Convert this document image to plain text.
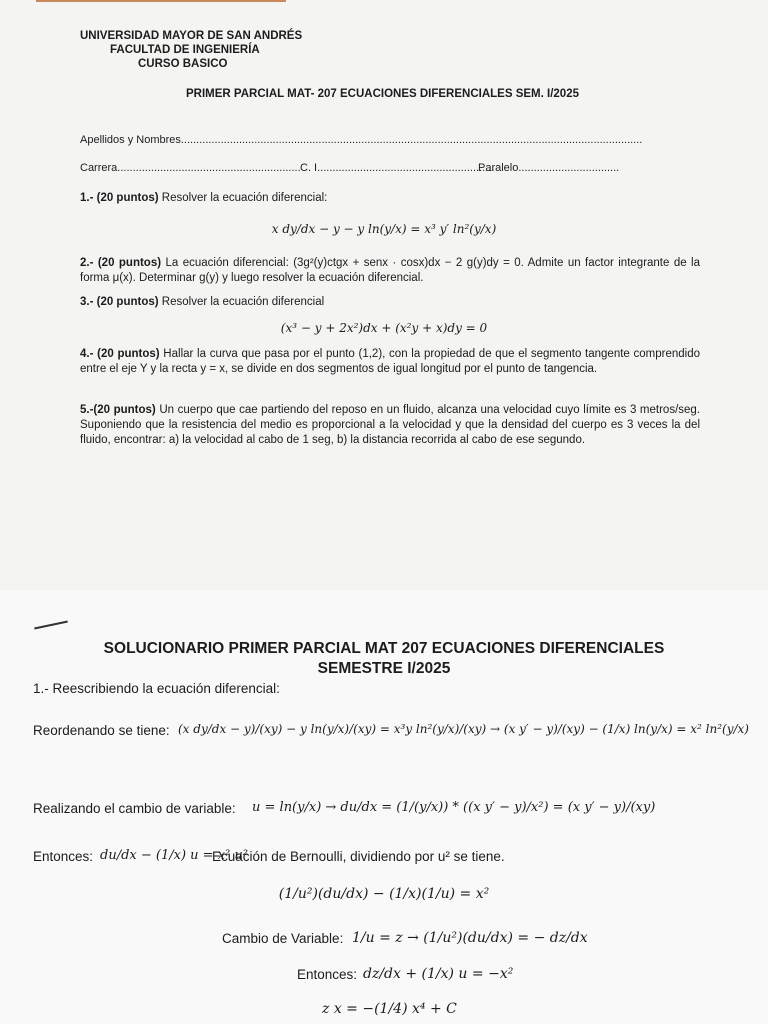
UNIVERSIDAD MAYOR DE SAN ANDRÉS
FACULTAD DE INGENIERÍA
CURSO BASICO
PRIMER PARCIAL MAT- 207 ECUACIONES DIFERENCIALES SEM. I/2025
Apellidos y Nombres.......................................................................................................................................................
Carrera............................................................ C. I..........................................................
Paralelo.................................
1.- (20 puntos) Resolver la ecuación diferencial:
x dy/dx − y − y ln(y/x) = x³ y′ ln²(y/x)
2.- (20 puntos) La ecuación diferencial: (3g²(y)ctgx + senx · cosx)dx − 2 g(y)dy = 0. Admite un factor integrante de la forma μ(x). Determinar g(y) y luego resolver la ecuación diferencial.
3.- (20 puntos) Resolver la ecuación diferencial
(x³ − y + 2x²)dx + (x²y + x)dy = 0
4.- (20 puntos) Hallar la curva que pasa por el punto (1,2), con la propiedad de que el segmento tangente comprendido entre el eje Y y la recta y = x, se divide en dos segmentos de igual longitud por el punto de tangencia.
5.-(20 puntos) Un cuerpo que cae partiendo del reposo en un fluido, alcanza una velocidad cuyo límite es 3 metros/seg. Suponiendo que la resistencia del medio es proporcional a la velocidad y que la densidad del cuerpo es 3 veces la del fluido, encontrar: a) la velocidad al cabo de 1 seg, b) la distancia recorrida al cabo de ese segundo.
SOLUCIONARIO PRIMER PARCIAL MAT 207 ECUACIONES DIFERENCIALES
SEMESTRE I/2025
1.- Reescribiendo la ecuación diferencial:
Reordenando se tiene: (x dy/dx − y)/(xy) − y ln(y/x)/(xy) = x³y ln²(y/x)/(xy) → (x y′ − y)/(xy) − (1/x) ln(y/x) = x² ln²(y/x)
Realizando el cambio de variable: u = ln(y/x) → du/dx = (1/(y/x)) * ((x y′ − y)/x²) = (x y′ − y)/(xy)
Entonces: du/dx − (1/x) u = x² u²
Ecuación de Bernoulli, dividiendo por u² se tiene.
(1/u²)(du/dx) − (1/x)(1/u) = x²
Cambio de Variable: 1/u = z → (1/u²)(du/dx) = − dz/dx
Entonces: dz/dx + (1/x) u = −x²
z x = −(1/4) x⁴ + C
